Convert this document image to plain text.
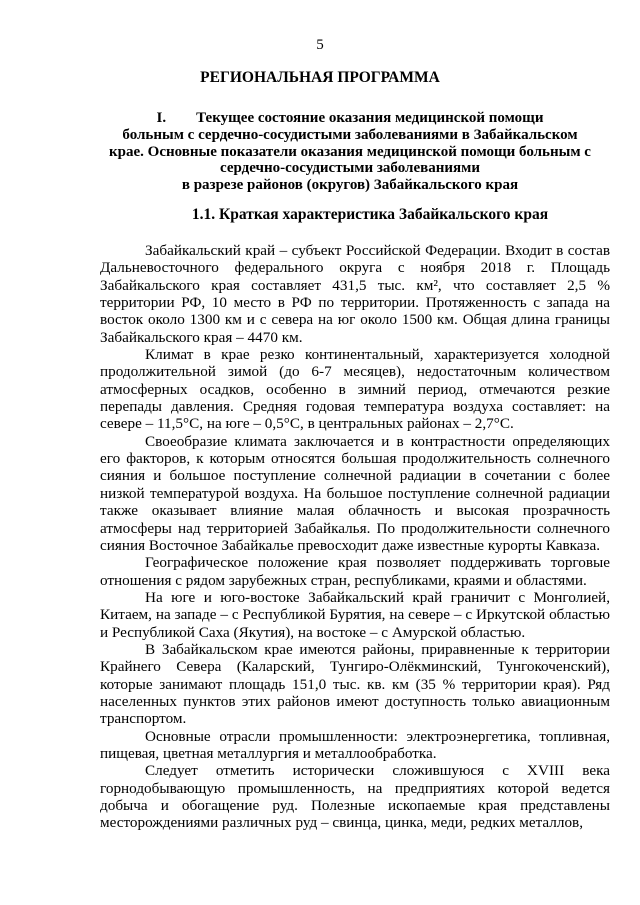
5
РЕГИОНАЛЬНАЯ ПРОГРАММА
I.        Текущее состояние оказания медицинской помощи
больным с сердечно-сосудистыми заболеваниями в Забайкальском
крае. Основные показатели оказания медицинской помощи больным с
сердечно-сосудистыми заболеваниями
в разрезе районов (округов) Забайкальского края
1.1. Краткая характеристика Забайкальского края

Забайкальский край – субъект Российской Федерации. Входит в состав Дальневосточного федерального округа с ноября 2018 г. Площадь Забайкальского края составляет 431,5 тыс. км², что составляет 2,5 % территории РФ, 10 место в РФ по территории. Протяженность с запада на восток около 1300 км и с севера на юг около 1500 км. Общая длина границы Забайкальского края – 4470 км.

Климат в крае резко континентальный, характеризуется холодной продолжительной зимой (до 6-7 месяцев), недостаточным количеством атмосферных осадков, особенно в зимний период, отмечаются резкие перепады давления. Средняя годовая температура воздуха составляет: на севере – 11,5°С, на юге – 0,5°С, в центральных районах – 2,7°С.

Своеобразие климата заключается и в контрастности определяющих его факторов, к которым относятся большая продолжительность солнечного сияния и большое поступление солнечной радиации в сочетании с более низкой температурой воздуха. На большое поступление солнечной радиации также оказывает влияние малая облачность и высокая прозрачность атмосферы над территорией Забайкалья. По продолжительности солнечного сияния Восточное Забайкалье превосходит даже известные курорты Кавказа.

Географическое положение края позволяет поддерживать торговые отношения с рядом зарубежных стран, республиками, краями и областями.

На юге и юго-востоке Забайкальский край граничит с Монголией, Китаем, на западе – с Республикой Бурятия, на севере – с Иркутской областью и Республикой Саха (Якутия), на востоке – с Амурской областью.

В Забайкальском крае имеются районы, приравненные к территории Крайнего Севера (Каларский, Тунгиро-Олёкминский, Тунгокоченский), которые занимают площадь 151,0 тыс. кв. км (35 % территории края). Ряд населенных пунктов этих районов имеют доступность только авиационным транспортом.

Основные отрасли промышленности: электроэнергетика, топливная, пищевая, цветная металлургия и металлообработка.

Следует отметить исторически сложившуюся с XVIII века горнодобывающую промышленность, на предприятиях которой ведется добыча и обогащение руд. Полезные ископаемые края представлены месторождениями различных руд – свинца, цинка, меди, редких металлов,
